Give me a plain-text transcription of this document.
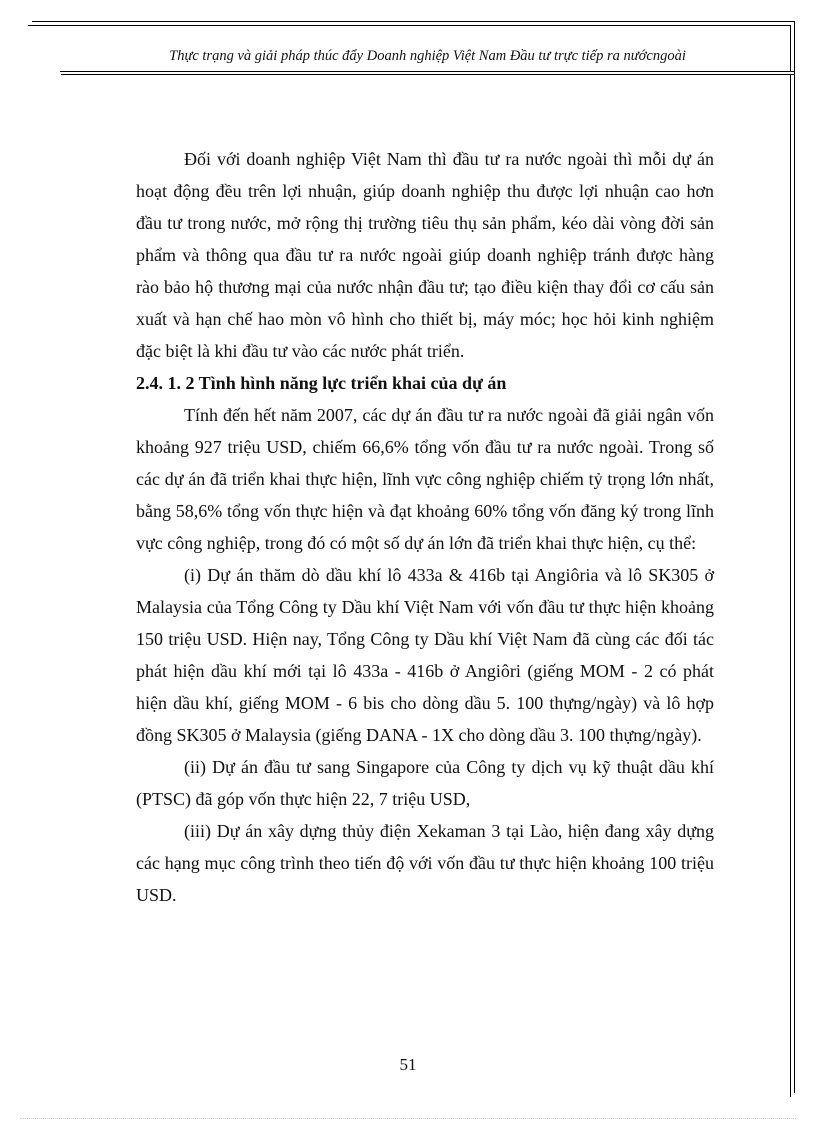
Thực trạng và giải pháp thúc đẩy Doanh nghiệp Việt Nam Đầu tư trực tiếp ra nướcngoài

Đối với doanh nghiệp Việt Nam thì đầu tư ra nước ngoài thì mỗi dự án hoạt động đều trên lợi nhuận, giúp doanh nghiệp thu được lợi nhuận cao hơn đầu tư trong nước, mở rộng thị trường tiêu thụ sản phẩm, kéo dài vòng đời sản phẩm và thông qua đầu tư ra nước ngoài giúp doanh nghiệp tránh được hàng rào bảo hộ thương mại của nước nhận đầu tư; tạo điều kiện thay đổi cơ cấu sản xuất và hạn chế hao mòn vô hình cho thiết bị, máy móc; học hỏi kinh nghiệm đặc biệt là khi đầu tư vào các nước phát triển.

2.4. 1. 2 Tình hình năng lực triển khai của dự án

Tính đến hết năm 2007, các dự án đầu tư ra nước ngoài đã giải ngân vốn khoảng 927 triệu USD, chiếm 66,6% tổng vốn đầu tư ra nước ngoài. Trong số các dự án đã triển khai thực hiện, lĩnh vực công nghiệp chiếm tỷ trọng lớn nhất, bằng 58,6% tổng vốn thực hiện và đạt khoảng 60% tổng vốn đăng ký trong lĩnh vực công nghiệp, trong đó có một số dự án lớn đã triển khai thực hiện, cụ thể:

(i) Dự án thăm dò dầu khí lô 433a & 416b tại Angiôria và lô SK305 ở Malaysia của Tổng Công ty Dầu khí Việt Nam với vốn đầu tư thực hiện khoảng 150 triệu USD. Hiện nay, Tổng Công ty Dầu khí Việt Nam đã cùng các đối tác phát hiện dầu khí mới tại lô 433a - 416b ở Angiôri (giếng MOM - 2 có phát hiện dầu khí, giếng MOM - 6 bis cho dòng dầu 5. 100 thựng/ngày) và lô hợp đồng SK305 ở Malaysia (giếng DANA - 1X cho dòng dầu 3. 100 thựng/ngày).

(ii) Dự án đầu tư sang Singapore của Công ty dịch vụ kỹ thuật dầu khí (PTSC) đã góp vốn thực hiện 22, 7 triệu USD,

(iii) Dự án xây dựng thủy điện Xekaman 3 tại Lào, hiện đang xây dựng các hạng mục công trình theo tiến độ với vốn đầu tư thực hiện khoảng 100 triệu USD.

51
